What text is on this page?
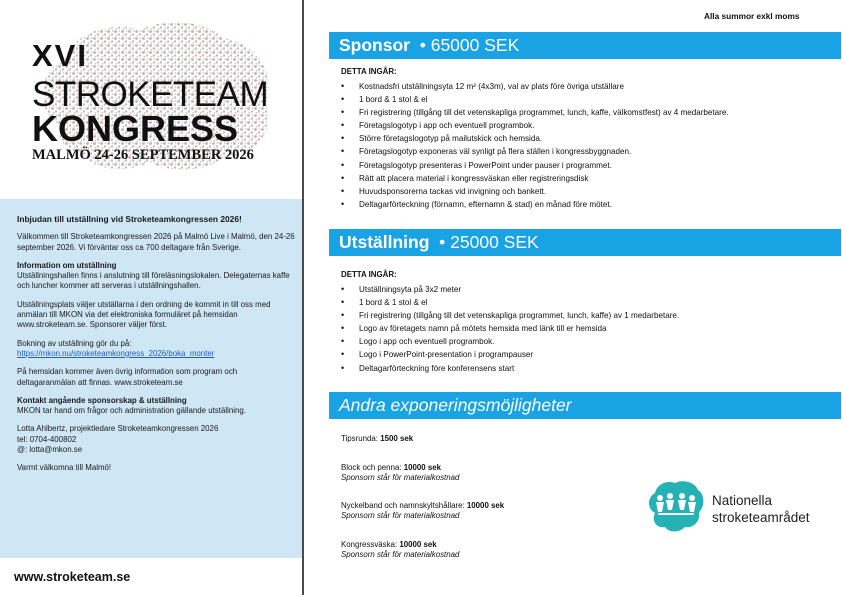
XVI
STROKETEAM
KONGRESS
MALMÖ 24-26 SEPTEMBER 2026

Inbjudan till utställning vid Stroketeamkongressen 2026!

Välkommen till Stroketeamkongressen 2026 på Malmö Live i Malmö, den 24-26 september 2026. Vi förväntar oss ca 700 deltagare från Sverige.

Information om utställning

Utställningshallen finns i anslutning till föreläsningslokalen. Delegaternas kaffe och luncher kommer att serveras i utställningshallen.

Utställningsplats väljer utställarna i den ordning de kommit in till oss med anmälan till MKON via det elektroniska formuläret på hemsidan www.stroketeam.se. Sponsorer väljer först.

Bokning av utställning gör du på:

https://mkon.nu/stroketeamkongress_2026/boka_monter

På hemsidan kommer även övrig information som program och deltagaranmälan att finnas. www.stroketeam.se

Kontakt angående sponsorskap & utställning

MKON tar hand om frågor och administration gällande utställning.

Lotta Ahlbertz, projektledare Stroketeamkongressen 2026

tel: 0704-400802

@: lotta@mkon.se

Varmt välkomna till Malmö!

www.stroketeam.se
Alla summor exkl moms
Sponsor • 65000 SEK
DETTA INGÅR:
• Kostnadsfri utställningsyta 12 m² (4x3m), val av plats före övriga utställare
• 1 bord & 1 stol & el
• Fri registrering (tillgång till det vetenskapliga programmet, lunch, kaffe, välkomstfest) av 4 medarbetare.
• Företagslogotyp i app och eventuell programbok.
• Större företagslogotyp på mailutskick och hemsida.
• Företagslogotyp exponeras väl synligt på flera ställen i kongressbyggnaden.
• Företagslogotyp presenteras i PowerPoint under pauser i programmet.
• Rätt att placera material i kongressväskan eller registreringsdisk
• Huvudsponsorerna tackas vid invigning och bankett.
• Deltagarförteckning (förnamn, efternamn & stad) en månad före mötet.
Utställning • 25000 SEK
DETTA INGÅR:
• Utställningsyta på 3x2 meter
• 1 bord & 1 stol & el
• Fri registrering (tillgång till det vetenskapliga programmet, lunch, kaffe) av 1 medarbetare.
• Logo av företagets namn på mötets hemsida med länk till er hemsida
• Logo i app och eventuell programbok.
• Logo i PowerPoint-presentation i programpauser
• Deltagarförteckning före konferensens start
Andra exponeringsmöjligheter
Tipsrunda: 1500 sek
Block och penna: 10000 sek
Sponsorn står för materialkostnad
Nyckelband och namnskyltshållare: 10000 sek
Sponsorn står för materialkostnad
Kongressväska: 10000 sek
Sponsorn står för materialkostnad
Nationella
stroketeamrådet
